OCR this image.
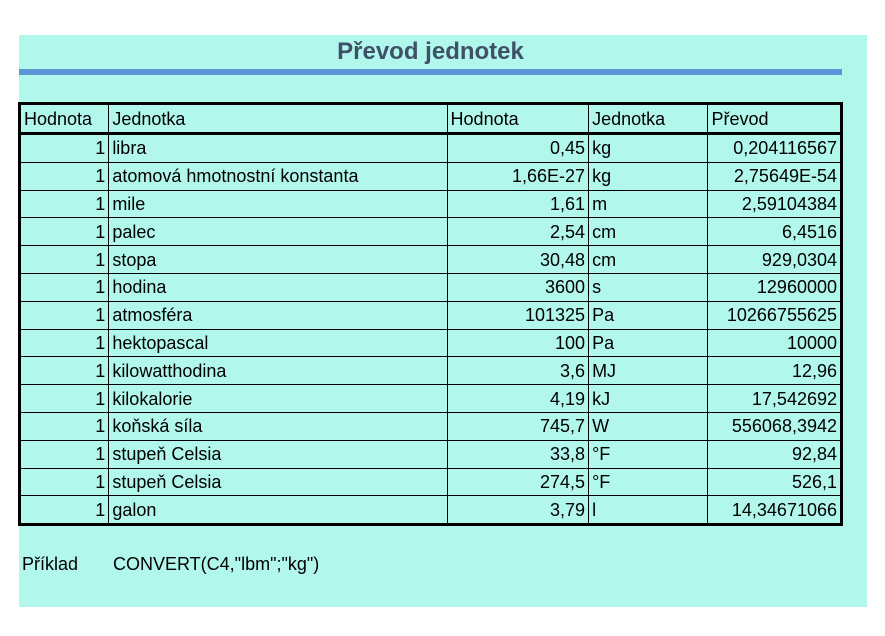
Převod jednotek
Hodnota	Jednotka	Hodnota	Jednotka	Převod
1	libra	0,45	kg	0,204116567
1	atomová hmotnostní konstanta	1,66E-27	kg	2,75649E-54
1	mile	1,61	m	2,59104384
1	palec	2,54	cm	6,4516
1	stopa	30,48	cm	929,0304
1	hodina	3600	s	12960000
1	atmosféra	101325	Pa	10266755625
1	hektopascal	100	Pa	10000
1	kilowatthodina	3,6	MJ	12,96
1	kilokalorie	4,19	kJ	17,542692
1	koňská síla	745,7	W	556068,3942
1	stupeň Celsia	33,8	°F	92,84
1	stupeň Celsia	274,5	°F	526,1
1	galon	3,79	l	14,34671066
Příklad CONVERT(C4,"lbm";"kg")
